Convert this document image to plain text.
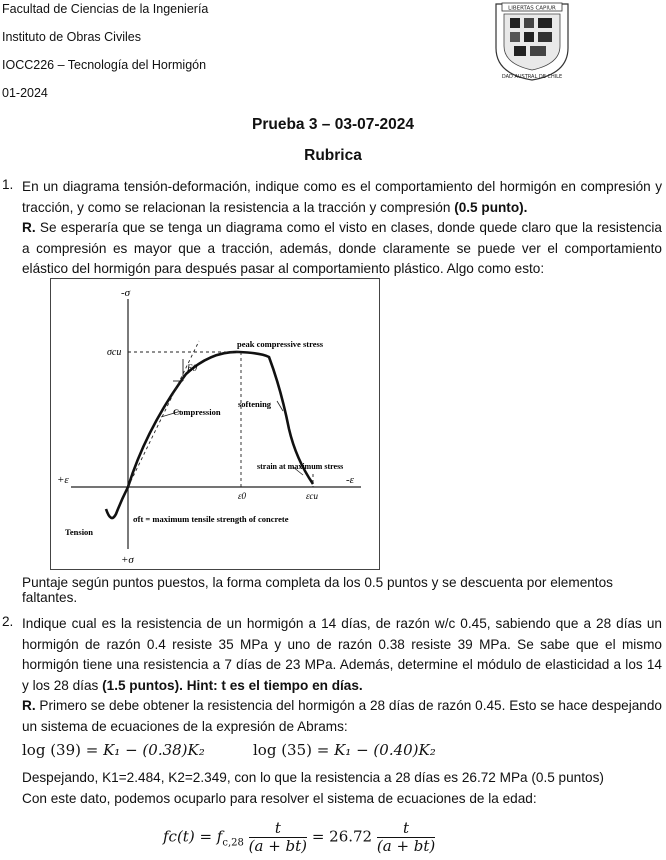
Facultad de Ciencias de la Ingeniería
Instituto de Obras Civiles
IOCC226 – Tecnología del Hormigón
01-2024
LIBERTAS CAPIUR
DAD AUSTRAL DE CHILE
Prueba 3 – 03-07-2024
Rubrica
1. En un diagrama tensión-deformación, indique como es el comportamiento del hormigón en compresión y tracción, y como se relacionan la resistencia a la tracción y compresión (0.5 punto).
R. Se esperaría que se tenga un diagrama como el visto en clases, donde quede claro que la resistencia a compresión es mayor que a tracción, además, donde claramente se puede ver el comportamiento elástico del hormigón para después pasar al comportamiento plástico. Algo como esto:
-σ
+σ
+ε	-ε
σcu
peak compressive stress
E0
Compression
softening
strain at maximum stress
ε0	εcu
Tension
σft = maximum tensile strength of concrete
Puntaje según puntos puestos, la forma completa da los 0.5 puntos y se descuenta por elementos faltantes.
2. Indique cual es la resistencia de un hormigón a 14 días, de razón w/c 0.45, sabiendo que a 28 días un hormigón de razón 0.4 resiste 35 MPa y uno de razón 0.38 resiste 39 MPa. Se sabe que el mismo hormigón tiene una resistencia a 7 días de 23 MPa. Además, determine el módulo de elasticidad a los 14 y los 28 días (1.5 puntos). Hint: t es el tiempo en días.
R. Primero se debe obtener la resistencia del hormigón a 28 días de razón 0.45. Esto se hace despejando un sistema de ecuaciones de la expresión de Abrams:
log (39) = K₁ − (0.38)K₂	log (35) = K₁ − (0.40)K₂
Despejando, K1=2.484, K2=2.349, con lo que la resistencia a 28 días es 26.72 MPa (0.5 puntos)
Con este dato, podemos ocuparlo para resolver el sistema de ecuaciones de la edad:
$fc(t) = f_{c,28} \frac{t}{(a + bt)} = 26.72 \frac{t}{(a + bt)}$
